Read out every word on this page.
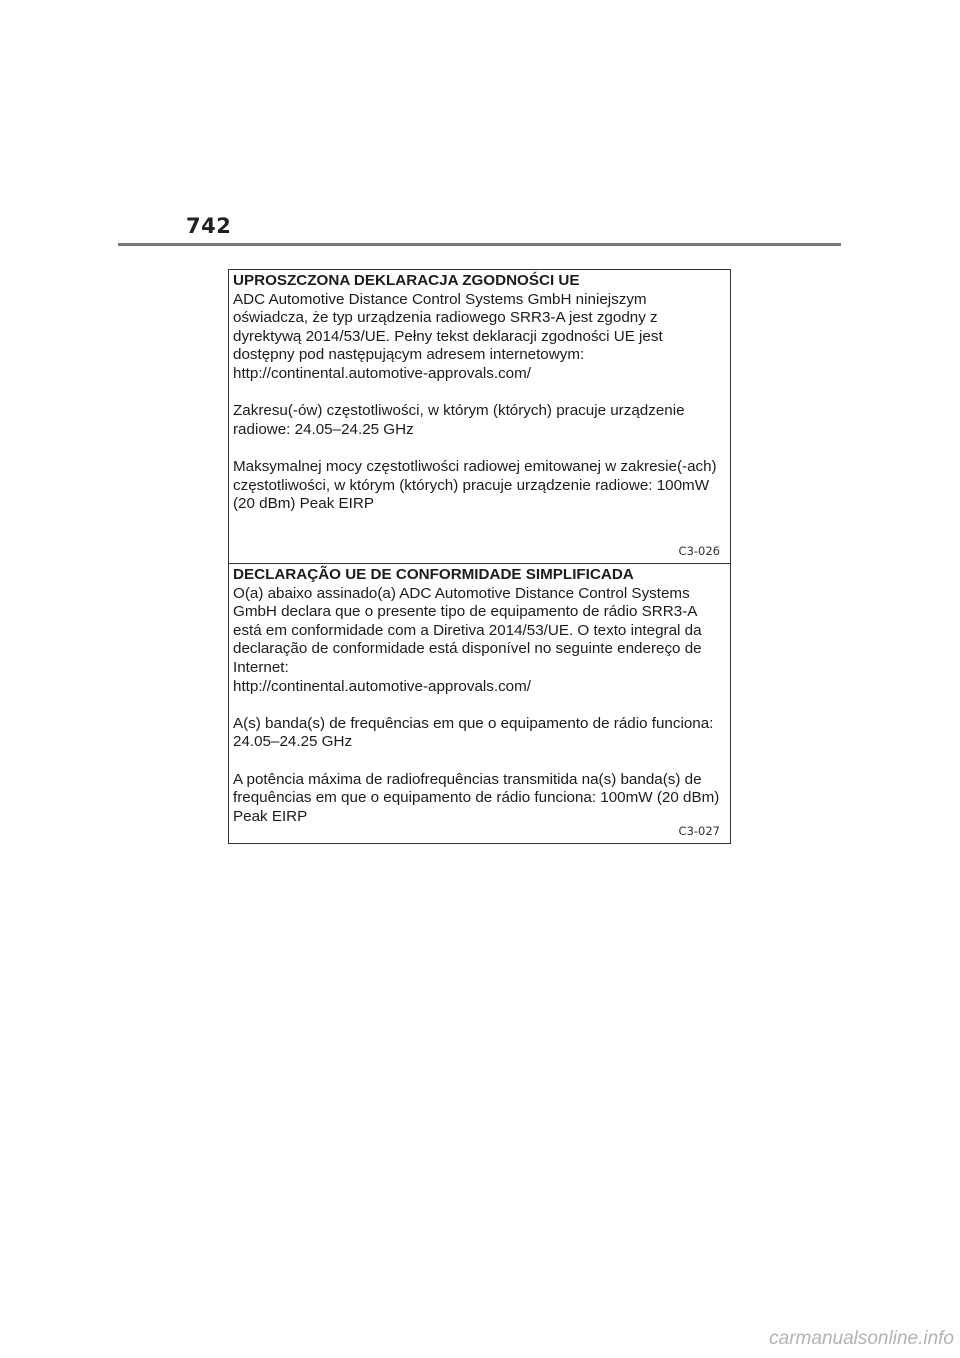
742

UPROSZCZONA DEKLARACJA ZGODNOŚCI UE

ADC Automotive Distance Control Systems GmbH niniejszym
oświadcza, że typ urządzenia radiowego SRR3-A jest zgodny z
dyrektywą 2014/53/UE. Pełny tekst deklaracji zgodności UE jest
dostępny pod następującym adresem internetowym:
http://continental.automotive-approvals.com/

Zakresu(-ów) częstotliwości, w którym (których) pracuje urządzenie
radiowe: 24.05–24.25 GHz

Maksymalnej mocy częstotliwości radiowej emitowanej w zakresie(-ach)
częstotliwości, w którym (których) pracuje urządzenie radiowe: 100mW
(20 dBm) Peak EIRP

C3-026

DECLARAÇÃO UE DE CONFORMIDADE SIMPLIFICADA

O(a) abaixo assinado(a) ADC Automotive Distance Control Systems
GmbH declara que o presente tipo de equipamento de rádio SRR3-A
está em conformidade com a Diretiva 2014/53/UE. O texto integral da
declaração de conformidade está disponível no seguinte endereço de
Internet:
http://continental.automotive-approvals.com/

A(s) banda(s) de frequências em que o equipamento de rádio funciona:
24.05–24.25 GHz

A potência máxima de radiofrequências transmitida na(s) banda(s) de
frequências em que o equipamento de rádio funciona: 100mW (20 dBm)
Peak EIRP

C3-027
carmanualsonline.info
